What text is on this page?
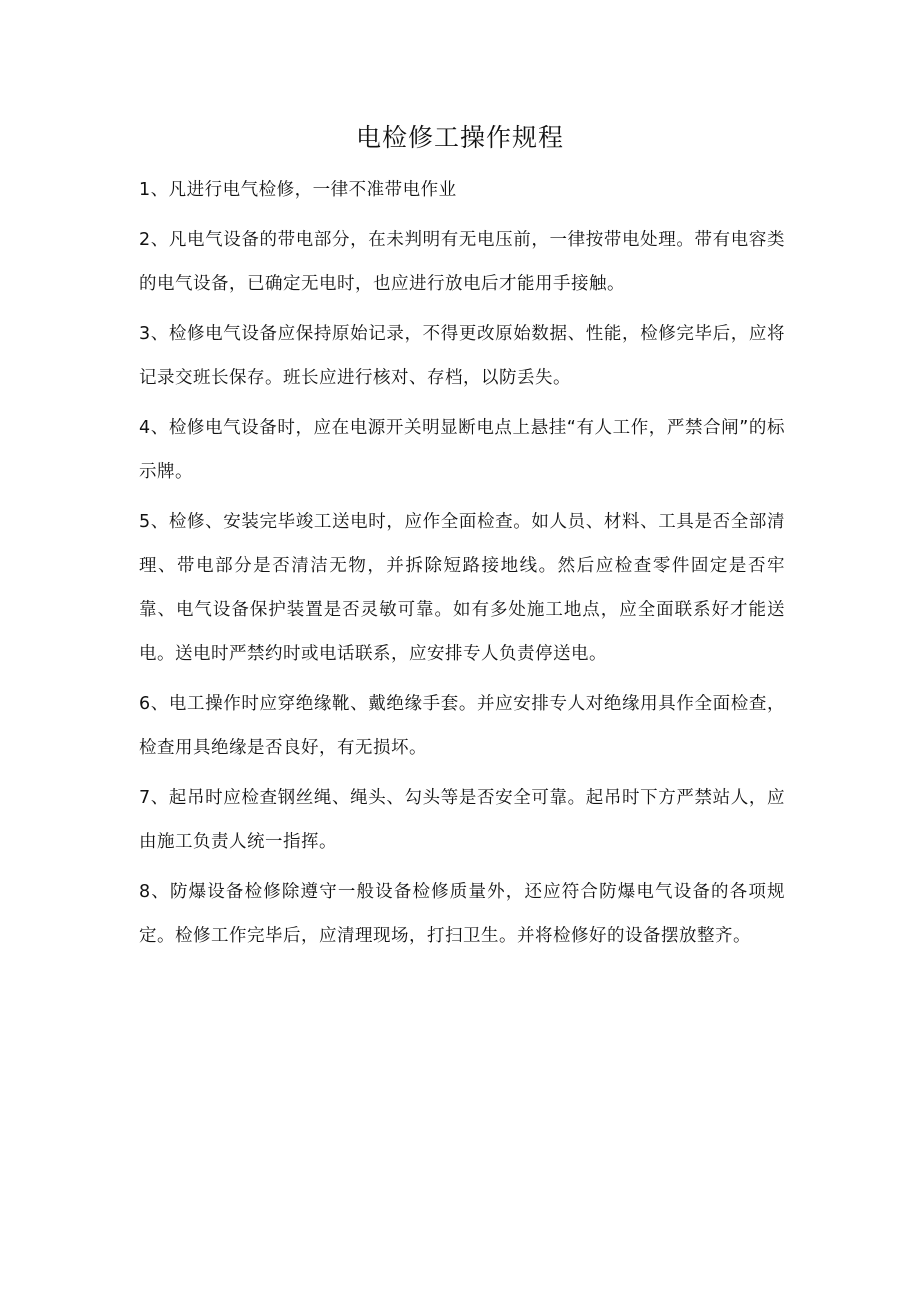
电检修工操作规程

1、凡进行电气检修，一律不准带电作业

2、凡电气设备的带电部分，在未判明有无电压前，一律按带电处理。带有电容类的电气设备，已确定无电时，也应进行放电后才能用手接触。

3、检修电气设备应保持原始记录，不得更改原始数据、性能，检修完毕后，应将记录交班长保存。班长应进行核对、存档，以防丢失。

4、检修电气设备时，应在电源开关明显断电点上悬挂“有人工作，严禁合闸”的标示牌。

5、检修、安装完毕竣工送电时，应作全面检查。如人员、材料、工具是否全部清理、带电部分是否清洁无物，并拆除短路接地线。然后应检查零件固定是否牢靠、电气设备保护装置是否灵敏可靠。如有多处施工地点，应全面联系好才能送电。送电时严禁约时或电话联系，应安排专人负责停送电。

6、电工操作时应穿绝缘靴、戴绝缘手套。并应安排专人对绝缘用具作全面检查，检查用具绝缘是否良好，有无损坏。

7、起吊时应检查钢丝绳、绳头、勾头等是否安全可靠。起吊时下方严禁站人，应由施工负责人统一指挥。

8、防爆设备检修除遵守一般设备检修质量外，还应符合防爆电气设备的各项规定。检修工作完毕后，应清理现场，打扫卫生。并将检修好的设备摆放整齐。
